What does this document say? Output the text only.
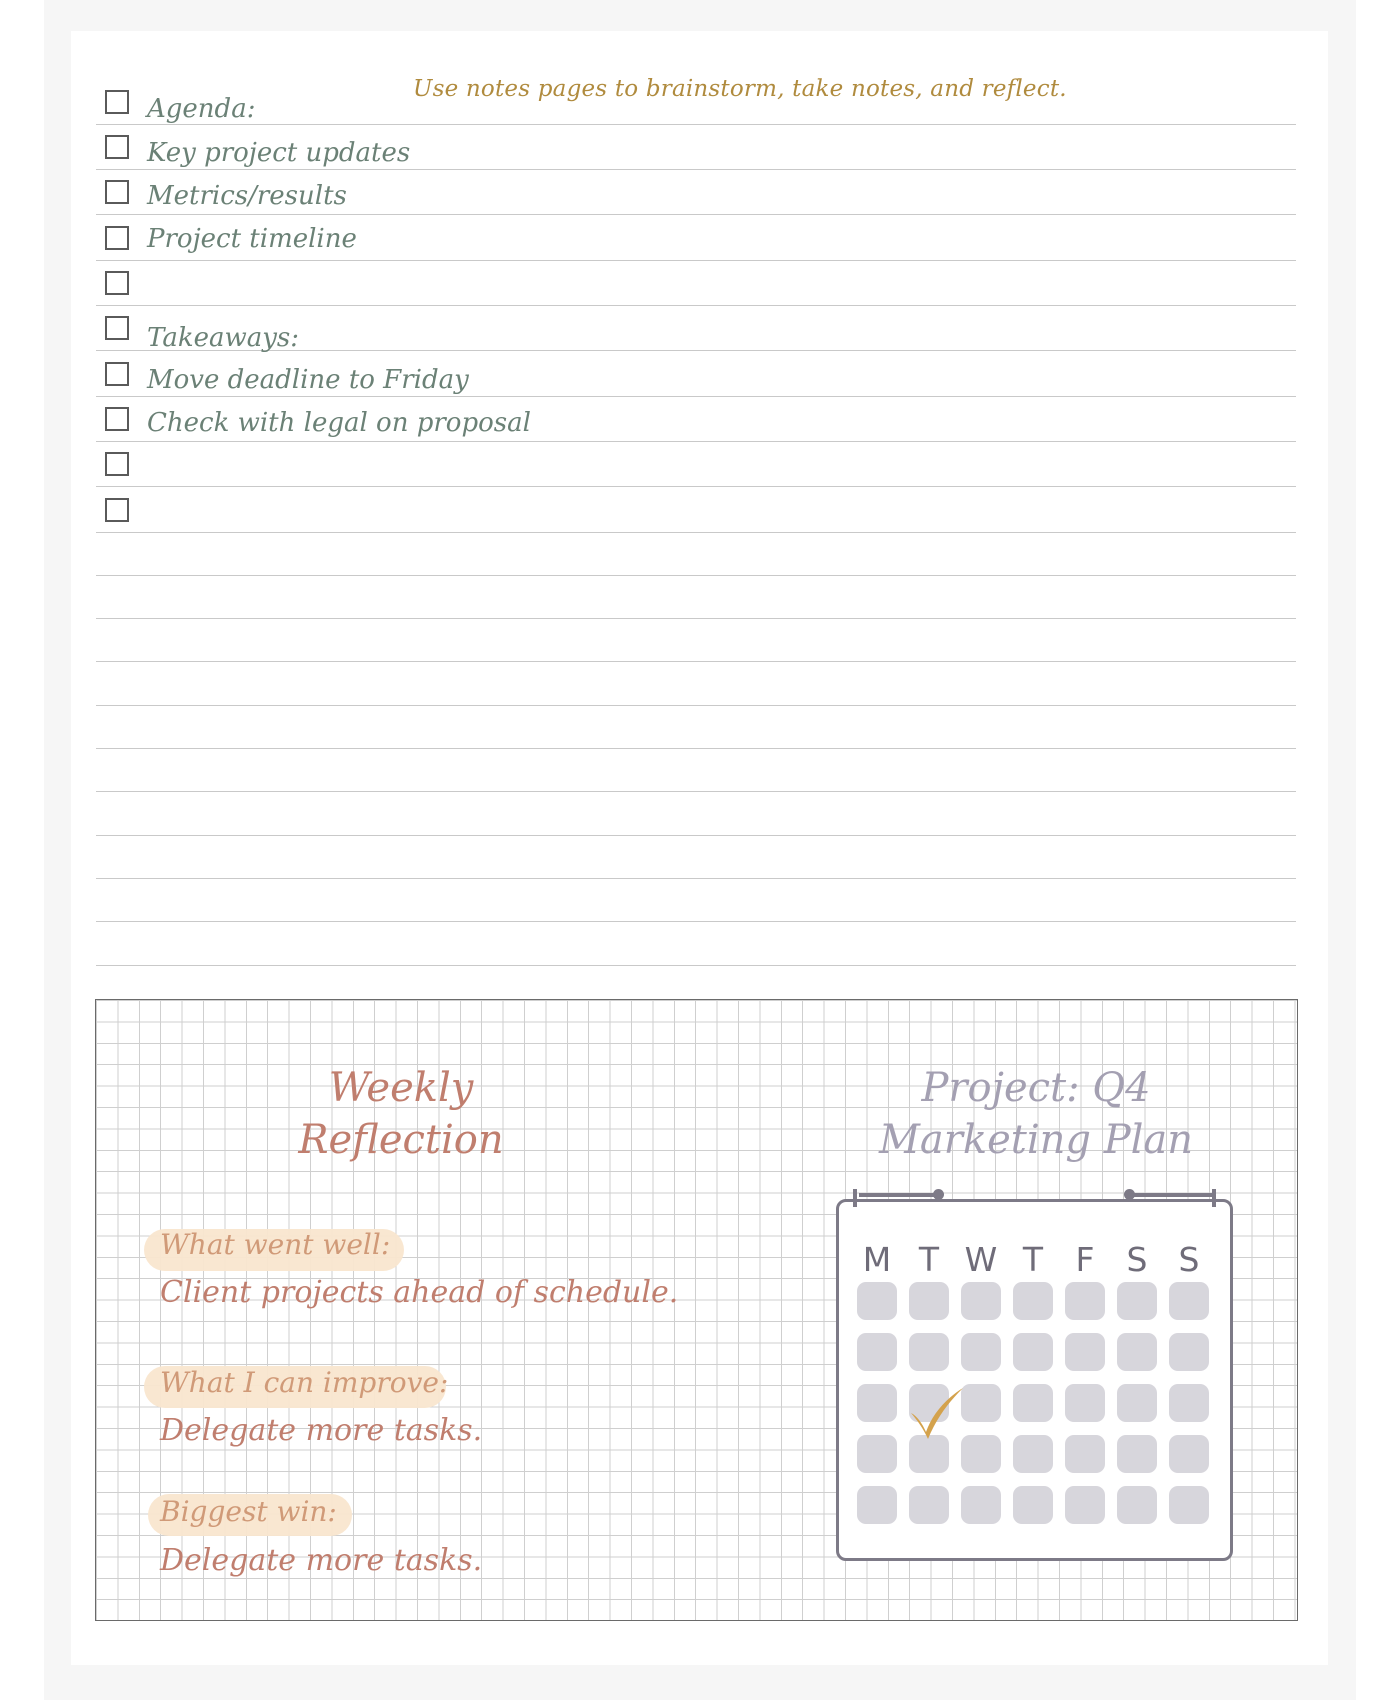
Use notes pages to brainstorm, take notes, and reflect.
Agenda:
Key project updates
Metrics/results
Project timeline
Takeaways:
Move deadline to Friday
Check with legal on proposal
Weekly
Reflection
What went well:
Client projects ahead of schedule.
What I can improve:
Delegate more tasks.
Biggest win:
Delegate more tasks.
Project: Q4
Marketing Plan
M T W T F S S
